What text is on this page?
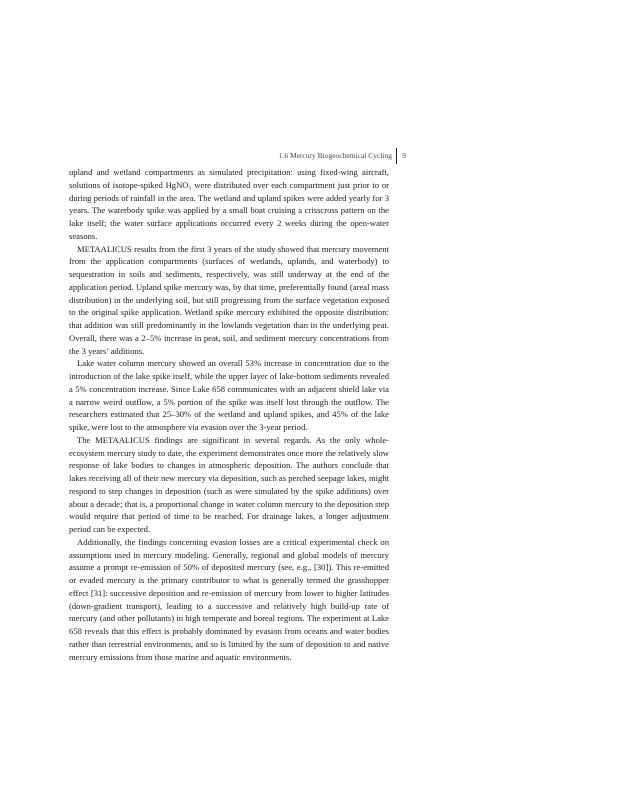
1.6 Mercury Biogeochemical Cycling 9

upland and wetland compartments as simulated precipitation: using fixed-wing aircraft, solutions of isotope-spiked HgNO₃ were distributed over each compartment just prior to or during periods of rainfall in the area. The wetland and upland spikes were added yearly for 3 years. The waterbody spike was applied by a small boat cruising a crisscross pattern on the lake itself; the water surface applications occurred every 2 weeks during the open-water seasons.

METAALICUS results from the first 3 years of the study showed that mercury movement from the application compartments (surfaces of wetlands, uplands, and waterbody) to sequestration in soils and sediments, respectively, was still underway at the end of the application period. Upland spike mercury was, by that time, preferentially found (areal mass distribution) in the underlying soil, but still progressing from the surface vegetation exposed to the original spike application. Wetland spike mercury exhibited the opposite distribution: that addition was still predominantly in the lowlands vegetation than in the underlying peat. Overall, there was a 2–5% increase in peat, soil, and sediment mercury concentrations from the 3 years’ additions.

Lake water column mercury showed an overall 53% increase in concentration due to the introduction of the lake spike itself, while the upper layer of lake-bottom sediments revealed a 5% concentration increase. Since Lake 658 communicates with an adjacent shield lake via a narrow weird outflow, a 5% portion of the spike was itself lost through the outflow. The researchers estimated that 25–30% of the wetland and upland spikes, and 45% of the lake spike, were lost to the atmosphere via evasion over the 3-year period.

The METAALICUS findings are significant in several regards. As the only whole-ecosystem mercury study to date, the experiment demonstrates once more the relatively slow response of lake bodies to changes in atmospheric deposition. The authors conclude that lakes receiving all of their new mercury via deposition, such as perched seepage lakes, might respond to step changes in deposition (such as were simulated by the spike additions) over about a decade; that is, a proportional change in water column mercury to the deposition step would require that period of time to be reached. For drainage lakes, a longer adjustment period can be expected.

Additionally, the findings concerning evasion losses are a critical experimental check on assumptions used in mercury modeling. Generally, regional and global models of mercury assume a prompt re-emission of 50% of deposited mercury (see, e.g., [30]). This re-emitted or evaded mercury is the primary contributor to what is generally termed the grasshopper effect [31]: successive deposition and re-emission of mercury from lower to higher latitudes (down-gradient transport), leading to a successive and relatively high build-up rate of mercury (and other pollutants) in high temperate and boreal regions. The experiment at Lake 658 reveals that this effect is probably dominated by evasion from oceans and water bodies rather than terrestrial environments, and so is limited by the sum of deposition to and native mercury emissions from those marine and aquatic environments.
